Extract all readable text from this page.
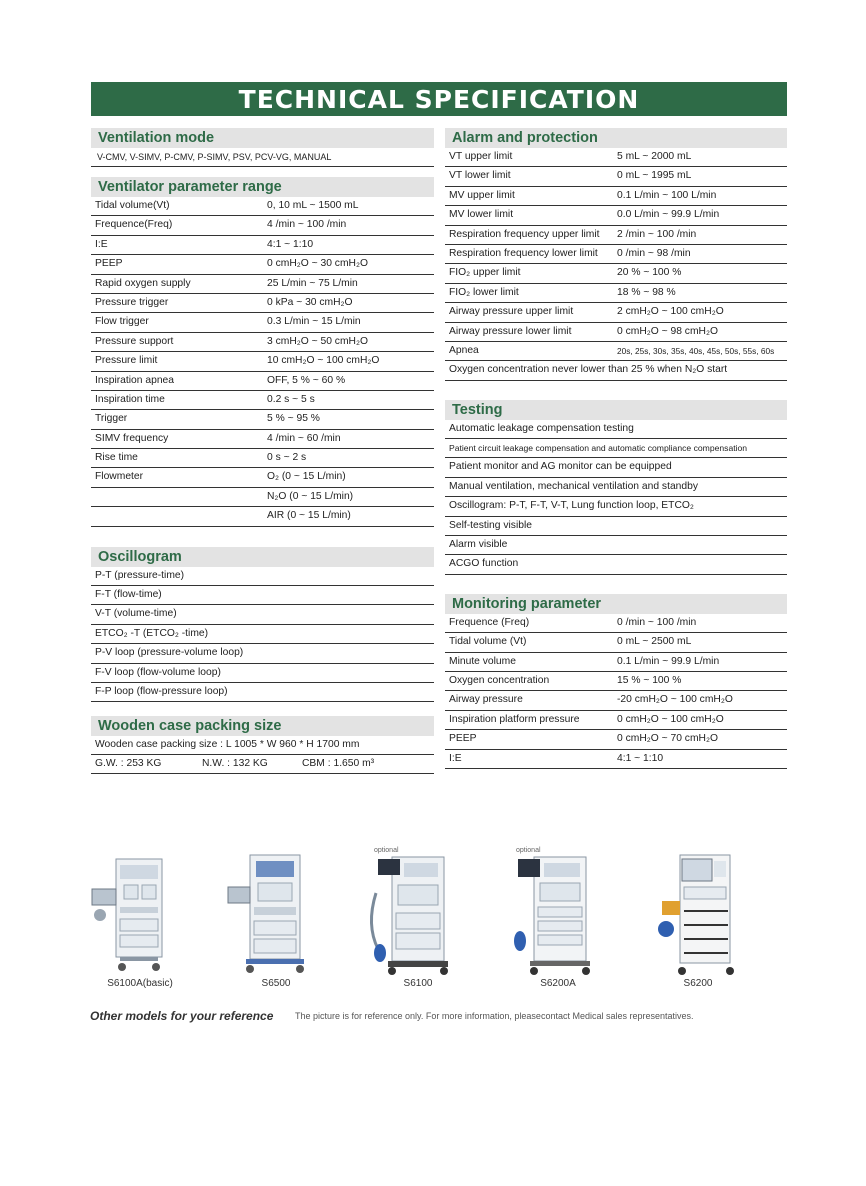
TECHNICAL SPECIFICATION
Ventilation mode
V-CMV, V-SIMV, P-CMV, P-SIMV, PSV, PCV-VG, MANUAL
Ventilator parameter range
Tidal volume(Vt)	0, 10 mL ~ 1500 mL
Frequence(Freq)	4 /min ~ 100 /min
I:E	4:1 ~ 1:10
PEEP	0 cmH₂O ~ 30 cmH₂O
Rapid oxygen supply	25 L/min ~ 75 L/min
Pressure trigger	0 kPa ~ 30 cmH₂O
Flow trigger	0.3 L/min ~ 15 L/min
Pressure support	3 cmH₂O ~ 50 cmH₂O
Pressure limit	10 cmH₂O ~ 100 cmH₂O
Inspiration apnea	OFF, 5 % ~ 60 %
Inspiration time	0.2 s ~ 5 s
Trigger	5 % ~ 95 %
SIMV frequency	4 /min ~ 60 /min
Rise time	0 s ~ 2 s
Flowmeter	O₂ (0 ~ 15 L/min)
N₂O (0 ~ 15 L/min)
AIR (0 ~ 15 L/min)
Oscillogram
P-T (pressure-time)
F-T (flow-time)
V-T (volume-time)
ETCO₂ -T (ETCO₂ -time)
P-V loop (pressure-volume loop)
F-V loop (flow-volume loop)
F-P loop (flow-pressure loop)
Wooden case packing size
Wooden case packing size : L 1005 * W 960 * H 1700 mm
G.W. : 253 KG	N.W. : 132 KG	CBM : 1.650 m³
Alarm and protection
VT upper limit	5 mL ~ 2000 mL
VT lower limit	0 mL ~ 1995 mL
MV upper limit	0.1 L/min ~ 100 L/min
MV lower limit	0.0 L/min ~ 99.9 L/min
Respiration frequency upper limit	2 /min ~ 100 /min
Respiration frequency lower limit	0 /min ~ 98 /min
FIO₂ upper limit	20 % ~ 100 %
FIO₂ lower limit	18 % ~ 98 %
Airway pressure upper limit	2 cmH₂O ~ 100 cmH₂O
Airway pressure lower limit	0 cmH₂O ~ 98 cmH₂O
Apnea	20s, 25s, 30s, 35s, 40s, 45s, 50s, 55s, 60s
Oxygen concentration never lower than 25 % when N₂O start
Testing
Automatic leakage compensation testing
Patient circuit leakage compensation and automatic compliance compensation
Patient monitor and AG monitor can be equipped
Manual ventilation, mechanical ventilation and standby
Oscillogram: P-T, F-T, V-T, Lung function loop, ETCO₂
Self-testing visible
Alarm visible
ACGO function
Monitoring parameter
Frequence (Freq)	0 /min ~ 100 /min
Tidal volume (Vt)	0 mL ~ 2500 mL
Minute volume	0.1 L/min ~ 99.9 L/min
Oxygen concentration	15 % ~ 100 %
Airway pressure	-20 cmH₂O ~ 100 cmH₂O
Inspiration platform pressure	0 cmH₂O ~ 100 cmH₂O
PEEP	0 cmH₂O ~ 70 cmH₂O
I:E	4:1 ~ 1:10
S6100A(basic)	S6500
optional
S6100
optional
S6200A	S6200
Other models for your reference The picture is for reference only. For more information, pleasecontact Medical sales representatives.
